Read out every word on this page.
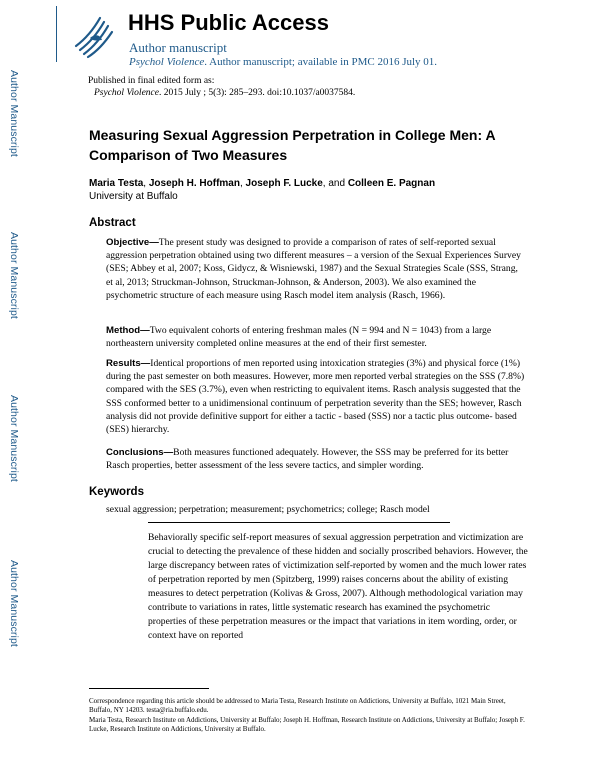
Author Manuscript
Author Manuscript
Author Manuscript
Author Manuscript
HHS Public Access
Author manuscript
Psychol Violence. Author manuscript; available in PMC 2016 July 01.
Published in final edited form as:
Psychol Violence. 2015 July ; 5(3): 285–293. doi:10.1037/a0037584.
Measuring Sexual Aggression Perpetration in College Men: A Comparison of Two Measures
Maria Testa, Joseph H. Hoffman, Joseph F. Lucke, and Colleen E. Pagnan
University at Buffalo
Abstract
Objective—The present study was designed to provide a comparison of rates of self-reported sexual aggression perpetration obtained using two different measures – a version of the Sexual Experiences Survey (SES; Abbey et al, 2007; Koss, Gidycz, & Wisniewski, 1987) and the Sexual Strategies Scale (SSS, Strang, et al, 2013; Struckman-Johnson, Struckman-Johnson, & Anderson, 2003). We also examined the psychometric structure of each measure using Rasch model item analysis (Rasch, 1966).
Method—Two equivalent cohorts of entering freshman males (N = 994 and N = 1043) from a large northeastern university completed online measures at the end of their first semester.
Results—Identical proportions of men reported using intoxication strategies (3%) and physical force (1%) during the past semester on both measures. However, more men reported verbal strategies on the SSS (7.8%) compared with the SES (3.7%), even when restricting to equivalent items. Rasch analysis suggested that the SSS conformed better to a unidimensional continuum of perpetration severity than the SES; however, Rasch analysis did not provide definitive support for either a tactic - based (SSS) nor a tactic plus outcome- based (SES) hierarchy.
Conclusions—Both measures functioned adequately. However, the SSS may be preferred for its better Rasch properties, better assessment of the less severe tactics, and simpler wording.
Keywords
sexual aggression; perpetration; measurement; psychometrics; college; Rasch model
Behaviorally specific self-report measures of sexual aggression perpetration and victimization are crucial to detecting the prevalence of these hidden and socially proscribed behaviors. However, the large discrepancy between rates of victimization self-reported by women and the much lower rates of perpetration reported by men (Spitzberg, 1999) raises concerns about the ability of existing measures to detect perpetration (Kolivas & Gross, 2007). Although methodological variation may contribute to variations in rates, little systematic research has examined the psychometric properties of these perpetration measures or the impact that variations in item wording, order, or context have on reported
Correspondence regarding this article should be addressed to Maria Testa, Research Institute on Addictions, University at Buffalo, 1021 Main Street, Buffalo, NY 14203. testa@ria.buffalo.edu.
Maria Testa, Research Institute on Addictions, University at Buffalo; Joseph H. Hoffman, Research Institute on Addictions, University at Buffalo; Joseph F. Lucke, Research Institute on Addictions, University at Buffalo.
